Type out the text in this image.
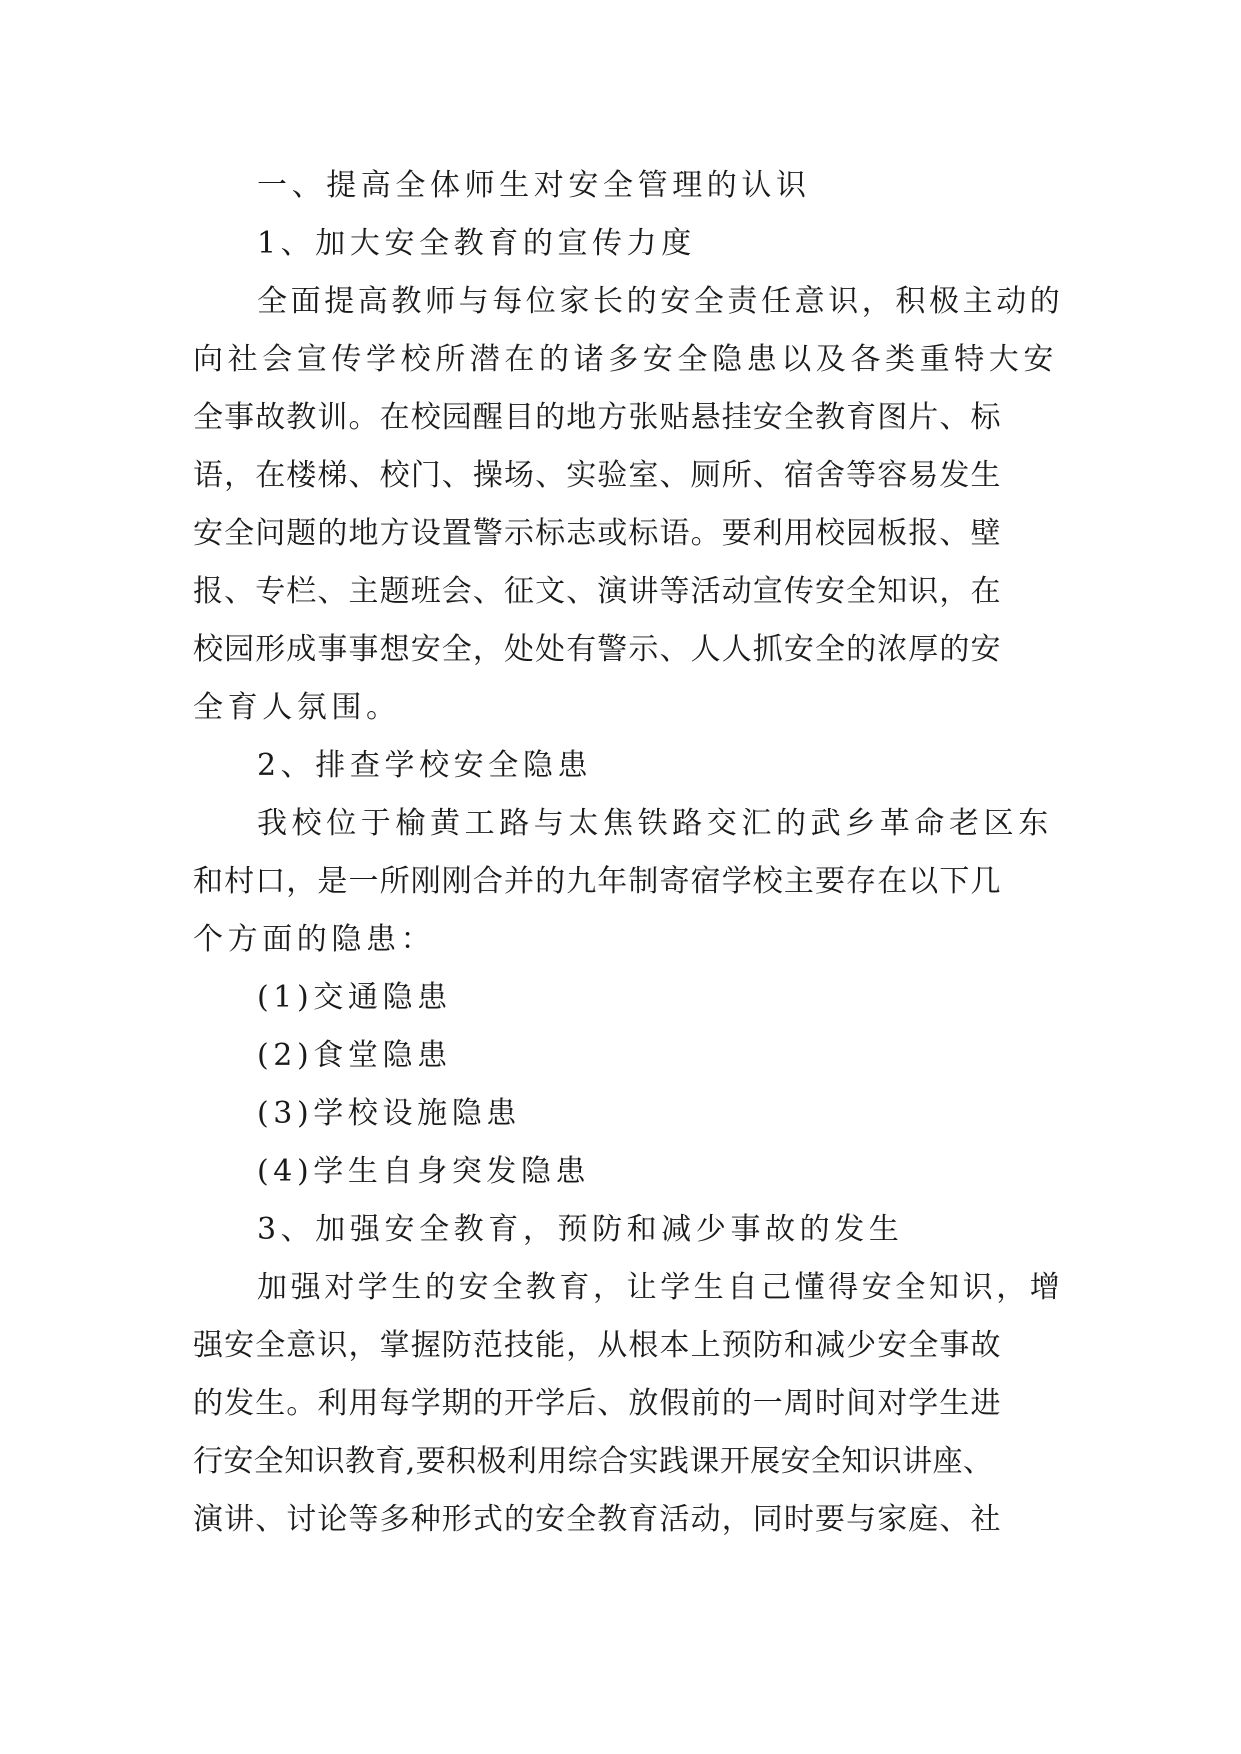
一、提高全体师生对安全管理的认识
1、加大安全教育的宣传力度
全面提高教师与每位家长的安全责任意识，积极主动的
向社会宣传学校所潜在的诸多安全隐患以及各类重特大安
全事故教训。在校园醒目的地方张贴悬挂安全教育图片、标
语，在楼梯、校门、操场、实验室、厕所、宿舍等容易发生
安全问题的地方设置警示标志或标语。要利用校园板报、壁
报、专栏、主题班会、征文、演讲等活动宣传安全知识，在
校园形成事事想安全，处处有警示、人人抓安全的浓厚的安
全育人氛围。
2、排查学校安全隐患
我校位于榆黄工路与太焦铁路交汇的武乡革命老区东
和村口，是一所刚刚合并的九年制寄宿学校主要存在以下几
个方面的隐患：
(1)交通隐患
(2)食堂隐患
(3)学校设施隐患
(4)学生自身突发隐患
3、加强安全教育，预防和减少事故的发生
加强对学生的安全教育，让学生自己懂得安全知识，增
强安全意识，掌握防范技能，从根本上预防和减少安全事故
的发生。利用每学期的开学后、放假前的一周时间对学生进
行安全知识教育,要积极利用综合实践课开展安全知识讲座、
演讲、讨论等多种形式的安全教育活动，同时要与家庭、社
